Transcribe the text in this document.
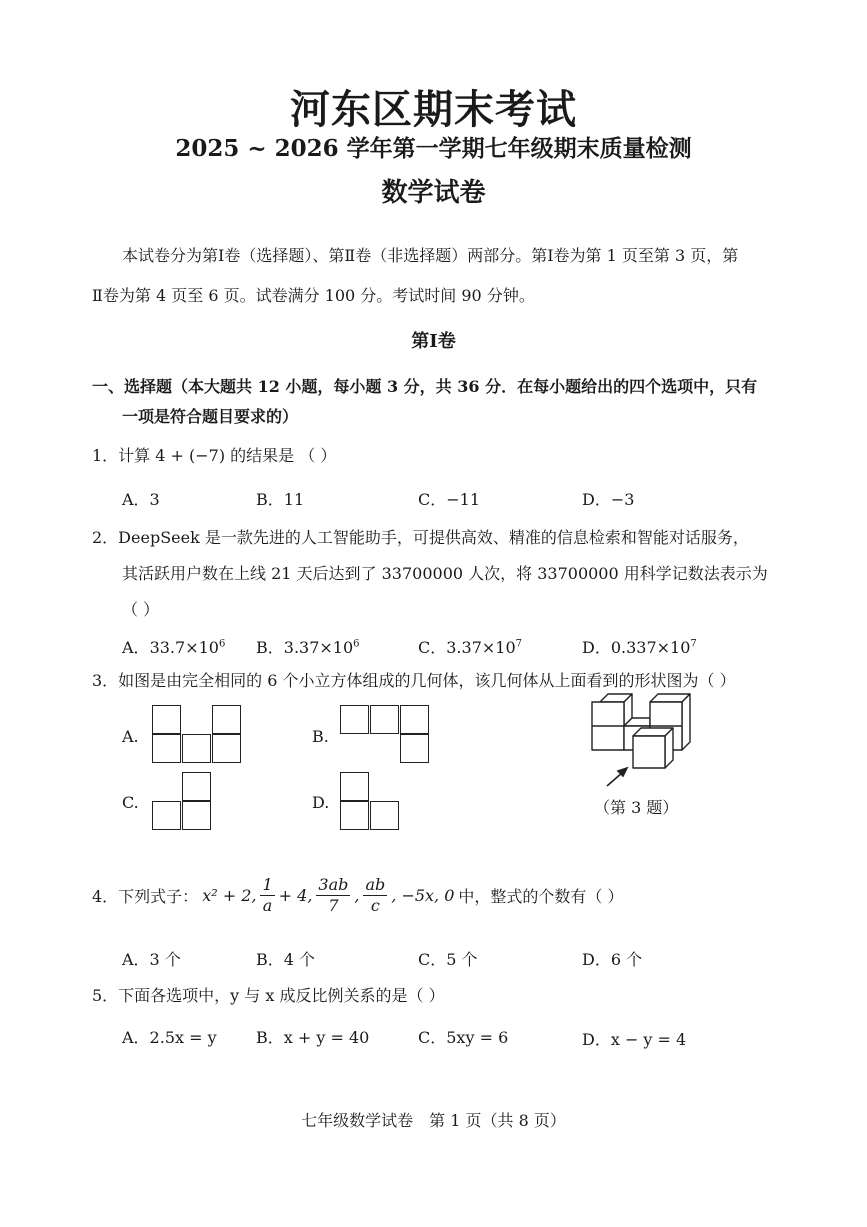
河东区期末考试
2025 ~ 2026 学年第一学期七年级期末质量检测
数学试卷
本试卷分为第Ⅰ卷（选择题）、第Ⅱ卷（非选择题）两部分。第Ⅰ卷为第 1 页至第 3 页，第
Ⅱ卷为第 4 页至 6 页。试卷满分 100 分。考试时间 90 分钟。
第Ⅰ卷
一、选择题（本大题共 12 小题，每小题 3 分，共 36 分．在每小题给出的四个选项中，只有
一项是符合题目要求的）
1．计算 4 + (−7) 的结果是 （ ）
A．3	B．11	C．−11	D．−3
2．DeepSeek 是一款先进的人工智能助手，可提供高效、精准的信息检索和智能对话服务，
其活跃用户数在上线 21 天后达到了 33700000 人次，将 33700000 用科学记数法表示为
（ ）
A．$33.7\times 10^6$ B．$3.37\times 10^6$	C．$3.37\times 10^7$	D．$0.337\times 10^7$
3．如图是由完全相同的 6 个小立方体组成的几何体，该几何体从上面看到的形状图为（ ）
A.	B.
C.	D.	（第 3 题）
4．下列式子： x² + 2, $\frac{1}{a} + 4$, $\frac{3ab}{7}$ , $\frac{ab}{c}$ , −5x, 0 中，整式的个数有（ ）
A．3 个	B．4 个	C．5 个	D．6 个
5．下面各选项中，y 与 x 成反比例关系的是（ ）
A．2.5x = y B．x + y = 40	C．5xy = 6	D．x − y = 4
七年级数学试卷　第 1 页（共 8 页）
